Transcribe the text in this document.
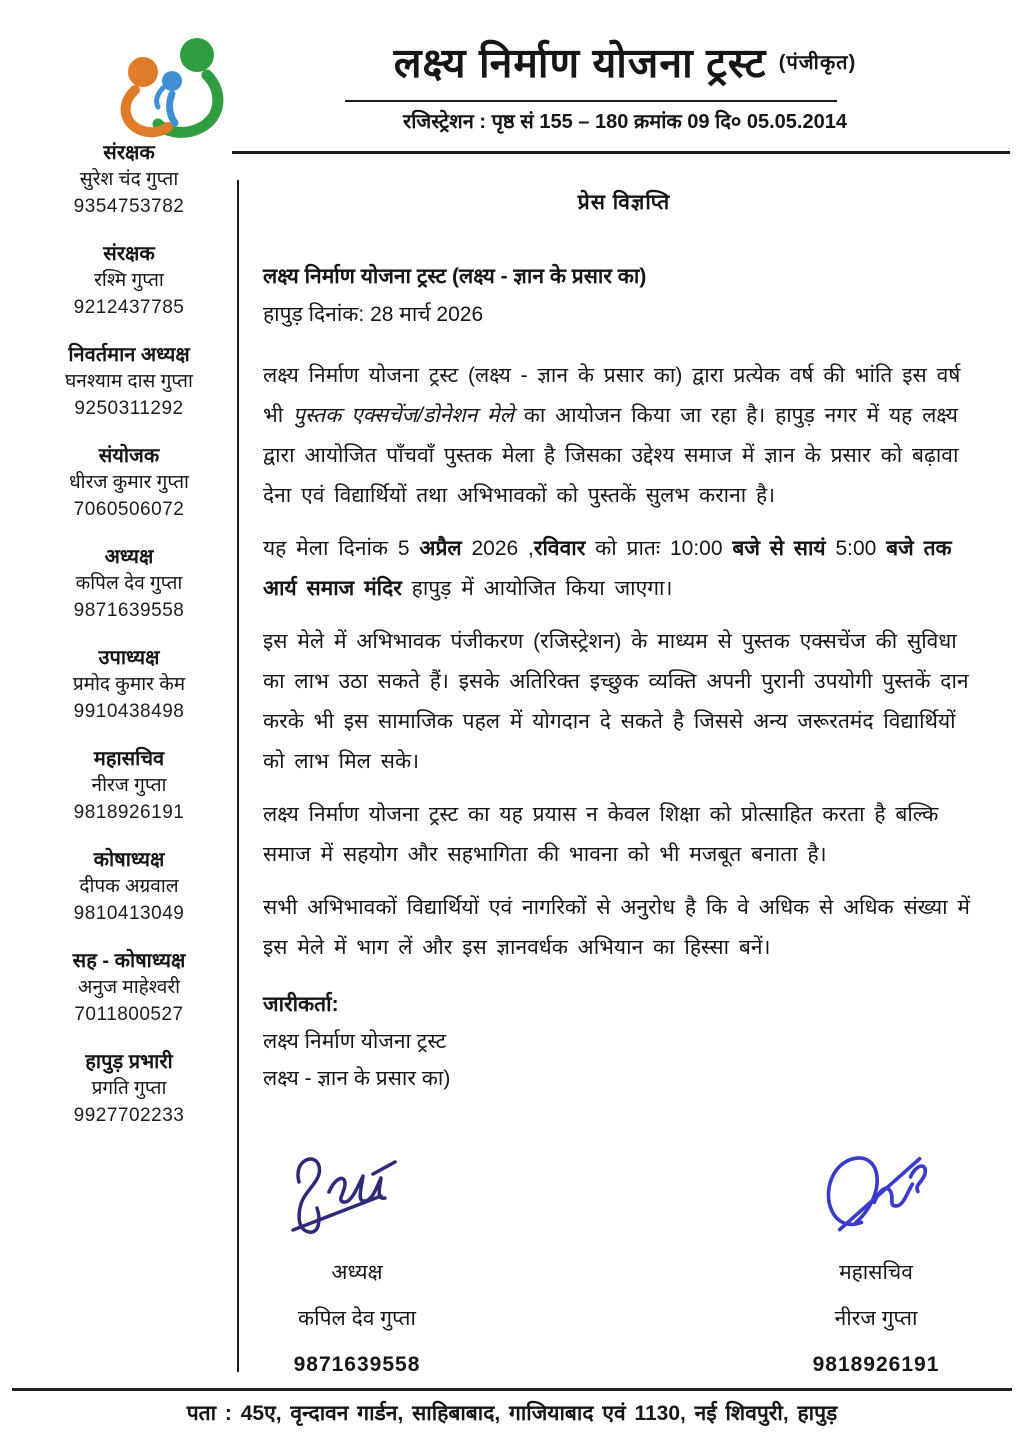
लक्ष्य निर्माण योजना ट्रस्ट (पंजीकृत)
रजिस्ट्रेशन : पृष्ठ सं 155 – 180 क्रमांक 09 दि० 05.05.2014
संरक्षक
सुरेश चंद गुप्ता
9354753782
संरक्षक
रश्मि गुप्ता
9212437785
निवर्तमान अध्यक्ष
घनश्याम दास गुप्ता
9250311292
संयोजक
धीरज कुमार गुप्ता
7060506072
अध्यक्ष
कपिल देव गुप्ता
9871639558
उपाध्यक्ष
प्रमोद कुमार केम
9910438498
महासचिव
नीरज गुप्ता
9818926191
कोषाध्यक्ष
दीपक अग्रवाल
9810413049
सह - कोषाध्यक्ष
अनुज माहेश्वरी
7011800527
हापुड़ प्रभारी
प्रगति गुप्ता
9927702233
प्रेस विज्ञप्ति
लक्ष्य निर्माण योजना ट्रस्ट (लक्ष्य - ज्ञान के प्रसार का)
हापुड़ दिनांक: 28 मार्च 2026

लक्ष्य निर्माण योजना ट्रस्ट (लक्ष्य - ज्ञान के प्रसार का) द्वारा प्रत्येक वर्ष की भांति इस वर्ष भी पुस्तक एक्सचेंज/डोनेशन मेले का आयोजन किया जा रहा है। हापुड़ नगर में यह लक्ष्य द्वारा आयोजित पाँचवाँ पुस्तक मेला है जिसका उद्देश्य समाज में ज्ञान के प्रसार को बढ़ावा देना एवं विद्यार्थियों तथा अभिभावकों को पुस्तकें सुलभ कराना है।

यह मेला दिनांक 5 अप्रैल 2026 ,रविवार को प्रातः 10:00 बजे से सायं 5:00 बजे तक आर्य समाज मंदिर हापुड़ में आयोजित किया जाएगा।

इस मेले में अभिभावक पंजीकरण (रजिस्ट्रेशन) के माध्यम से पुस्तक एक्सचेंज की सुविधा का लाभ उठा सकते हैं। इसके अतिरिक्त इच्छुक व्यक्ति अपनी पुरानी उपयोगी पुस्तकें दान करके भी इस सामाजिक पहल में योगदान दे सकते है जिससे अन्य जरूरतमंद विद्यार्थियों को लाभ मिल सके।

लक्ष्य निर्माण योजना ट्रस्ट का यह प्रयास न केवल शिक्षा को प्रोत्साहित करता है बल्कि समाज में सहयोग और सहभागिता की भावना को भी मजबूत बनाता है।

सभी अभिभावकों विद्यार्थियों एवं नागरिकों से अनुरोध है कि वे अधिक से अधिक संख्या में इस मेले में भाग लें और इस ज्ञानवर्धक अभियान का हिस्सा बनें।

जारीकर्ता:
लक्ष्य निर्माण योजना ट्रस्ट
लक्ष्य - ज्ञान के प्रसार का)
अध्यक्ष
कपिल देव गुप्ता
9871639558
महासचिव
नीरज गुप्ता
9818926191
पता : 45ए, वृन्दावन गार्डन, साहिबाबाद, गाजियाबाद एवं 1130, नई शिवपुरी, हापुड़
